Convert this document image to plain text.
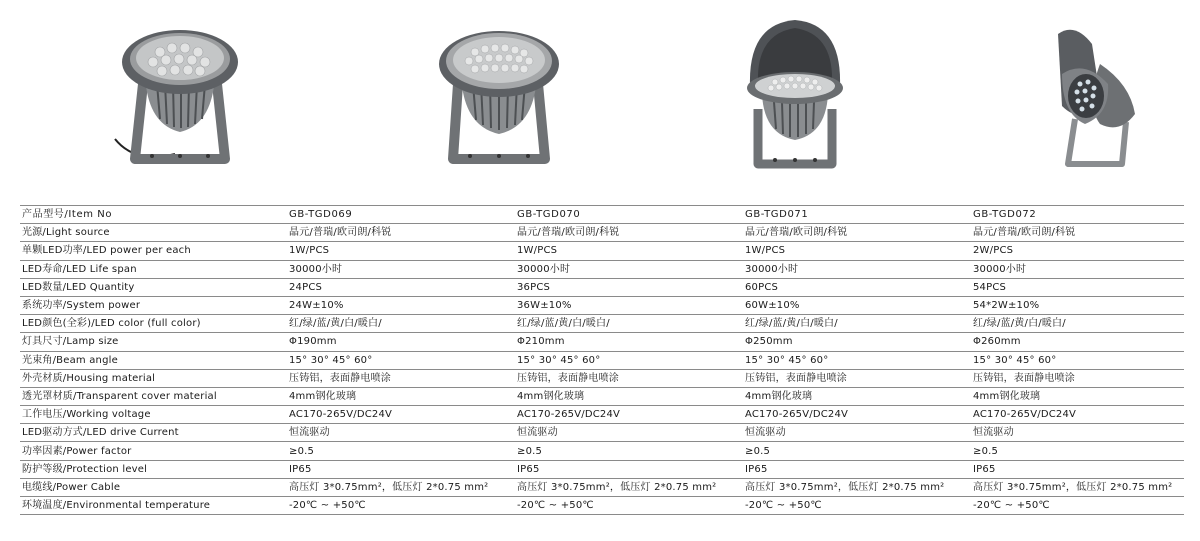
产品型号/Item No	GB-TGD069	GB-TGD070	GB-TGD071	GB-TGD072
光源/Light source	晶元/普瑞/欧司朗/科锐	晶元/普瑞/欧司朗/科锐	晶元/普瑞/欧司朗/科锐	晶元/普瑞/欧司朗/科锐
单颗LED功率/LED power per each	1W/PCS	1W/PCS	1W/PCS	2W/PCS
LED寿命/LED Life span	30000小时	30000小时	30000小时	30000小时
LED数量/LED Quantity	24PCS	36PCS	60PCS	54PCS
系统功率/System power	24W±10%	36W±10%	60W±10%	54*2W±10%
LED颜色(全彩)/LED color (full color)	红/绿/蓝/黄/白/暖白/	红/绿/蓝/黄/白/暖白/	红/绿/蓝/黄/白/暖白/	红/绿/蓝/黄/白/暖白/
灯具尺寸/Lamp size	Φ190mm	Φ210mm	Φ250mm	Φ260mm
光束角/Beam angle	15° 30° 45° 60°	15° 30° 45° 60°	15° 30° 45° 60°	15° 30° 45° 60°
外壳材质/Housing material	压铸铝，表面静电喷涂	压铸铝，表面静电喷涂	压铸铝，表面静电喷涂	压铸铝，表面静电喷涂
透光罩材质/Transparent cover material	4mm钢化玻璃	4mm钢化玻璃	4mm钢化玻璃	4mm钢化玻璃
工作电压/Working voltage	AC170-265V/DC24V	AC170-265V/DC24V	AC170-265V/DC24V	AC170-265V/DC24V
LED驱动方式/LED drive Current	恒流驱动	恒流驱动	恒流驱动	恒流驱动
功率因素/Power factor	≥0.5	≥0.5	≥0.5	≥0.5
防护等级/Protection level	IP65	IP65	IP65	IP65
电缆线/Power Cable	高压灯 3*0.75mm²，低压灯 2*0.75 mm²	高压灯 3*0.75mm²，低压灯 2*0.75 mm²	高压灯 3*0.75mm²，低压灯 2*0.75 mm²	高压灯 3*0.75mm²，低压灯 2*0.75 mm²
环境温度/Environmental temperature	-20℃ ~ +50℃	-20℃ ~ +50℃	-20℃ ~ +50℃	-20℃ ~ +50℃
